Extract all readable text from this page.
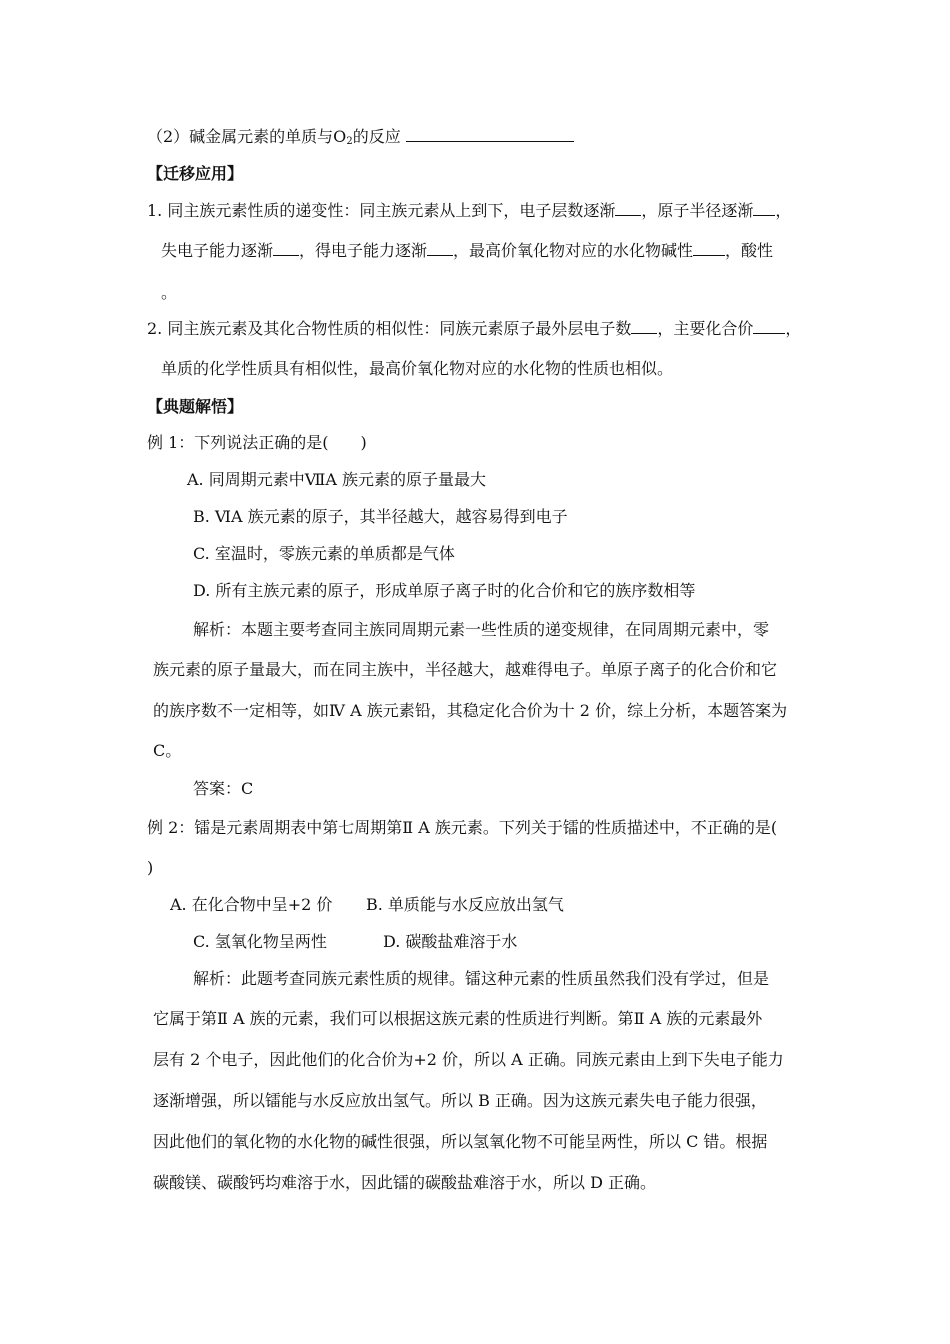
（2）碱金属元素的单质与$O_2$的反应
【迁移应用】
1. 同主族元素性质的递变性：同主族元素从上到下，电子层数逐渐 ，原子半径逐渐 ，
失电子能力逐渐 ，得电子能力逐渐 ，最高价氧化物对应的水化物碱性 ，酸性
。
2. 同主族元素及其化合物性质的相似性：同族元素原子最外层电子数 ，主要化合价 ，
单质的化学性质具有相似性，最高价氧化物对应的水化物的性质也相似。
【典题解悟】
例 1：下列说法正确的是(　　)
A. 同周期元素中ⅦA 族元素的原子量最大
B. ⅥA 族元素的原子，其半径越大，越容易得到电子
C. 室温时，零族元素的单质都是气体
D. 所有主族元素的原子，形成单原子离子时的化合价和它的族序数相等
解析：本题主要考查同主族同周期元素一些性质的递变规律，在同周期元素中，零
族元素的原子量最大，而在同主族中，半径越大，越难得电子。单原子离子的化合价和它
的族序数不一定相等，如Ⅳ A 族元素铅，其稳定化合价为十 2 价，综上分析，本题答案为
C。
答案：C
例 2：镭是元素周期表中第七周期第Ⅱ A 族元素。下列关于镭的性质描述中，不正确的是(
)
A. 在化合物中呈+2 价 B. 单质能与水反应放出氢气
C. 氢氧化物呈两性	D. 碳酸盐难溶于水
解析：此题考查同族元素性质的规律。镭这种元素的性质虽然我们没有学过，但是
它属于第Ⅱ A 族的元素，我们可以根据这族元素的性质进行判断。第Ⅱ A 族的元素最外
层有 2 个电子，因此他们的化合价为+2 价，所以 A 正确。同族元素由上到下失电子能力
逐渐增强，所以镭能与水反应放出氢气。所以 B 正确。因为这族元素失电子能力很强，
因此他们的氧化物的水化物的碱性很强，所以氢氧化物不可能呈两性，所以 C 错。根据
碳酸镁、碳酸钙均难溶于水，因此镭的碳酸盐难溶于水，所以 D 正确。
